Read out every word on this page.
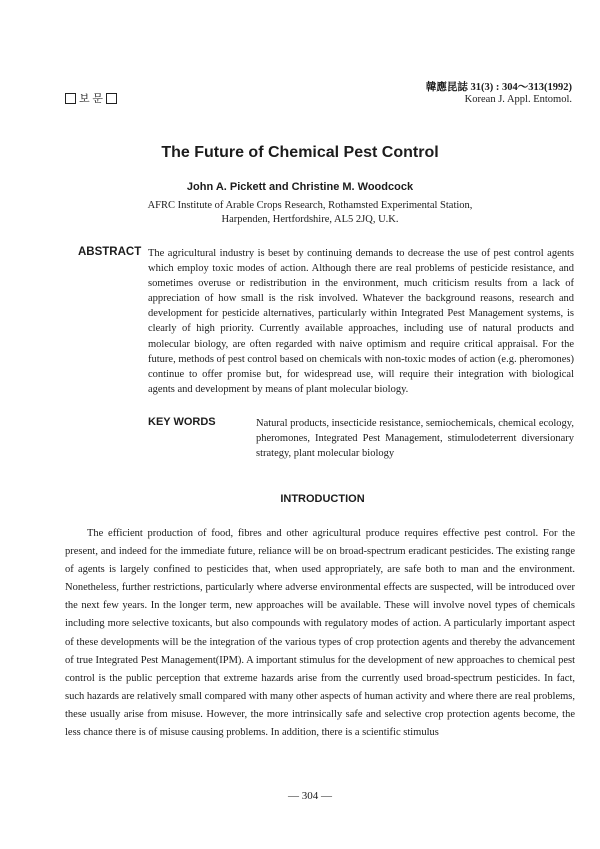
보 문
韓應昆誌 31(3) : 304～313(1992)
Korean J. Appl. Entomol.
The Future of Chemical Pest Control
John A. Pickett and Christine M. Woodcock
AFRC Institute of Arable Crops Research, Rothamsted Experimental Station,
Harpenden, Hertfordshire, AL5 2JQ, U.K.
ABSTRACT The agricultural industry is beset by continuing demands to decrease the use of pest control agents which employ toxic modes of action. Although there are real problems of pesticide resistance, and sometimes overuse or redistribution in the environment, much criticism results from a lack of appreciation of how small is the risk involved. Whatever the background reasons, research and development for pesticide alternatives, particularly within Integrated Pest Management systems, is clearly of high priority. Currently available approaches, including use of natural products and molecular biology, are often regarded with naive optimism and require critical appraisal. For the future, methods of pest control based on chemicals with non-toxic modes of action (e.g. pheromones) continue to offer promise but, for widespread use, will require their integration with biological agents and development by means of plant molecular biology.
KEY WORDS	Natural products, insecticide resistance, semiochemicals, chemical ecology, pheromones, Integrated Pest Management, stimulodeterrent diversionary strategy, plant molecular biology
INTRODUCTION
The efficient production of food, fibres and other agricultural produce requires effective pest control. For the present, and indeed for the immediate future, reliance will be on broad-spectrum eradicant pesticides. The existing range of agents is largely confined to pesticides that, when used appropriately, are safe both to man and the environment. Nonetheless, further restrictions, particularly where adverse environmental effects are suspected, will be introduced over the next few years. In the longer term, new approaches will be available. These will involve novel types of chemicals including more selective toxicants, but also compounds with regulatory modes of action. A particularly important aspect of these developments will be the integration of the various types of crop protection agents and thereby the advancement of true Integrated Pest Management(IPM). A important stimulus for the development of new approaches to chemical pest control is the public perception that extreme hazards arise from the currently used broad-spectrum pesticides. In fact, such hazards are relatively small compared with many other aspects of human activity and where there are real problems, these usually arise from misuse. However, the more intrinsically safe and selective crop protection agents become, the less chance there is of misuse causing problems. In addition, there is a scientific stimulus
— 304 —
